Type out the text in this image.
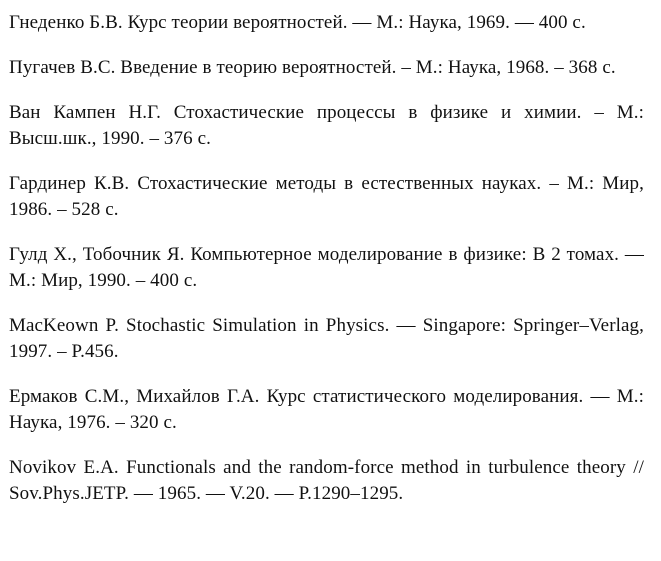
Гнеденко Б.В. Курс теории вероятностей. — М.: Наука, 1969. — 400 с.

Пугачев В.С. Введение в теорию вероятностей. – М.: Наука, 1968. – 368 с.

Ван Кампен Н.Г. Стохастические процессы в физике и химии. – М.: Высш.шк., 1990. – 376 с.

Гардинер К.В. Стохастические методы в естественных науках. – М.: Мир, 1986. – 528 с.

Гулд Х., Тобочник Я. Компьютерное моделирование в физике: В 2 томах. — М.: Мир, 1990. – 400 с.

MacKeown P. Stochastic Simulation in Physics. — Singapore: Springer–Verlag, 1997. – P.456.

Ермаков С.М., Михайлов Г.А. Курс статистического моделирования. — М.: Наука, 1976. – 320 с.

Novikov E.A. Functionals and the random-force method in turbulence theory // Sov.Phys.JETP. — 1965. — V.20. — P.1290–1295.
